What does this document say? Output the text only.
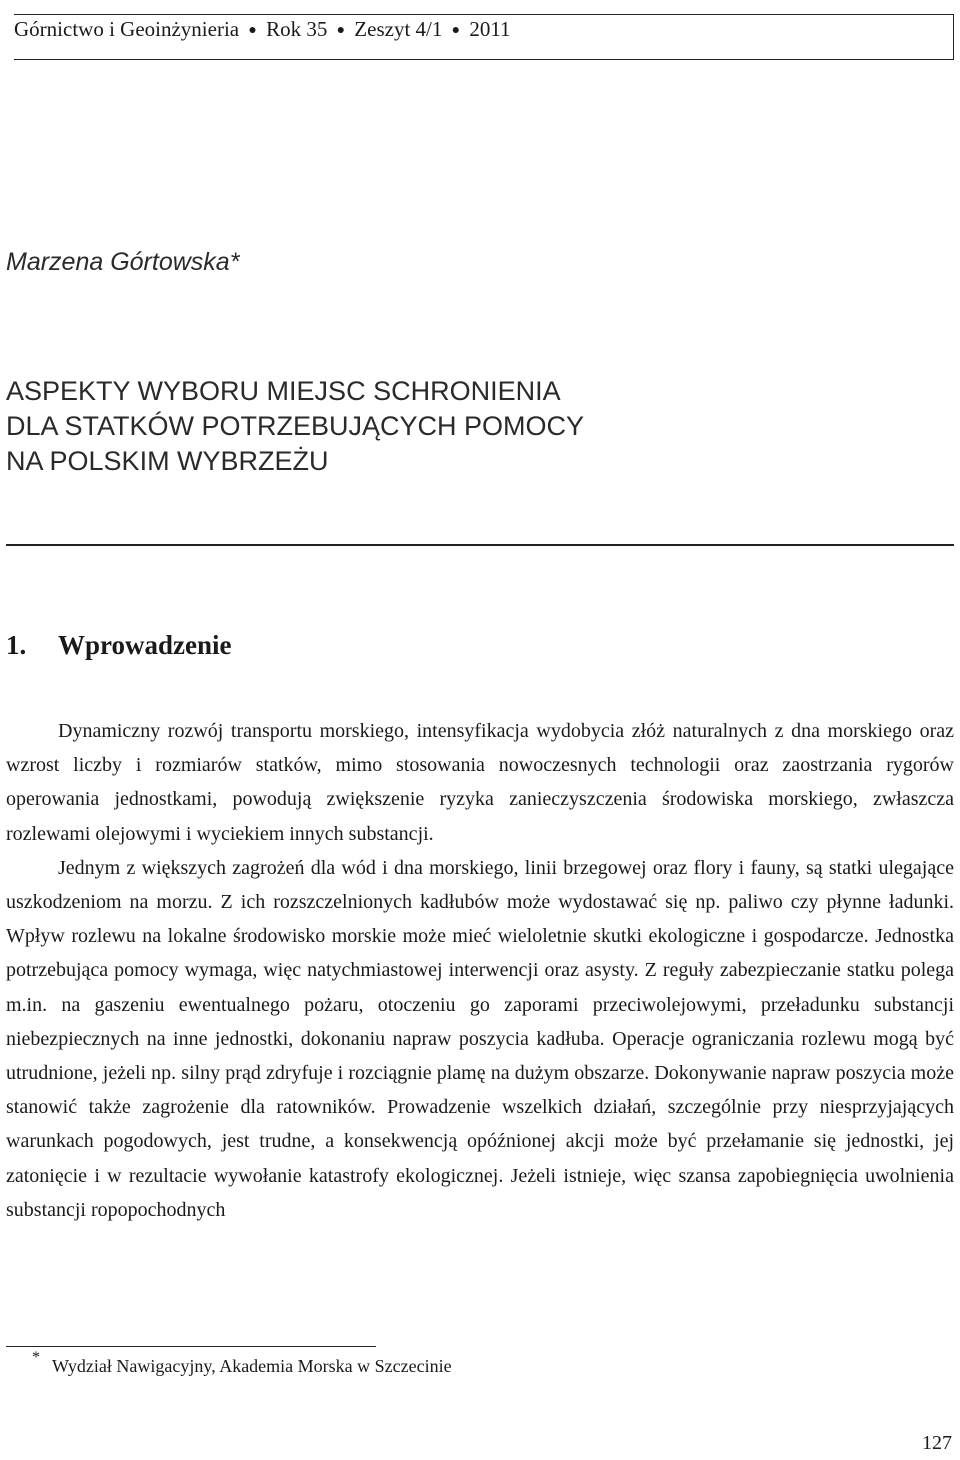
Górnictwo i Geoinżynieria ● Rok 35 ● Zeszyt 4/1 ● 2011
Marzena Górtowska*
ASPEKTY WYBORU MIEJSC SCHRONIENIA
DLA STATKÓW POTRZEBUJĄCYCH POMOCY
NA POLSKIM WYBRZEŻU
1. Wprowadzenie

Dynamiczny rozwój transportu morskiego, intensyfikacja wydobycia złóż naturalnych z dna morskiego oraz wzrost liczby i rozmiarów statków, mimo stosowania nowoczesnych technologii oraz zaostrzania rygorów operowania jednostkami, powodują zwiększenie ryzyka zanieczyszczenia środowiska morskiego, zwłaszcza rozlewami olejowymi i wyciekiem innych substancji.

Jednym z większych zagrożeń dla wód i dna morskiego, linii brzegowej oraz flory i fauny, są statki ulegające uszkodzeniom na morzu. Z ich rozszczelnionych kadłubów może wydostawać się np. paliwo czy płynne ładunki. Wpływ rozlewu na lokalne środowisko morskie może mieć wieloletnie skutki ekologiczne i gospodarcze. Jednostka potrzebująca pomocy wymaga, więc natychmiastowej interwencji oraz asysty. Z reguły zabezpieczanie statku polega m.in. na gaszeniu ewentualnego pożaru, otoczeniu go zaporami przeciwolejowymi, przeładunku substancji niebezpiecznych na inne jednostki, dokonaniu napraw poszycia kadłuba. Operacje ograniczania rozlewu mogą być utrudnione, jeżeli np. silny prąd zdryfuje i rozciągnie plamę na dużym obszarze. Dokonywanie napraw poszycia może stanowić także zagrożenie dla ratowników. Prowadzenie wszelkich działań, szczególnie przy niesprzyjających warunkach pogodowych, jest trudne, a konsekwencją opóźnionej akcji może być przełamanie się jednostki, jej zatonięcie i w rezultacie wywołanie katastrofy ekologicznej. Jeżeli istnieje, więc szansa zapobiegnięcia uwolnienia substancji ropopochodnych

* Wydział Nawigacyjny, Akademia Morska w Szczecinie
127
